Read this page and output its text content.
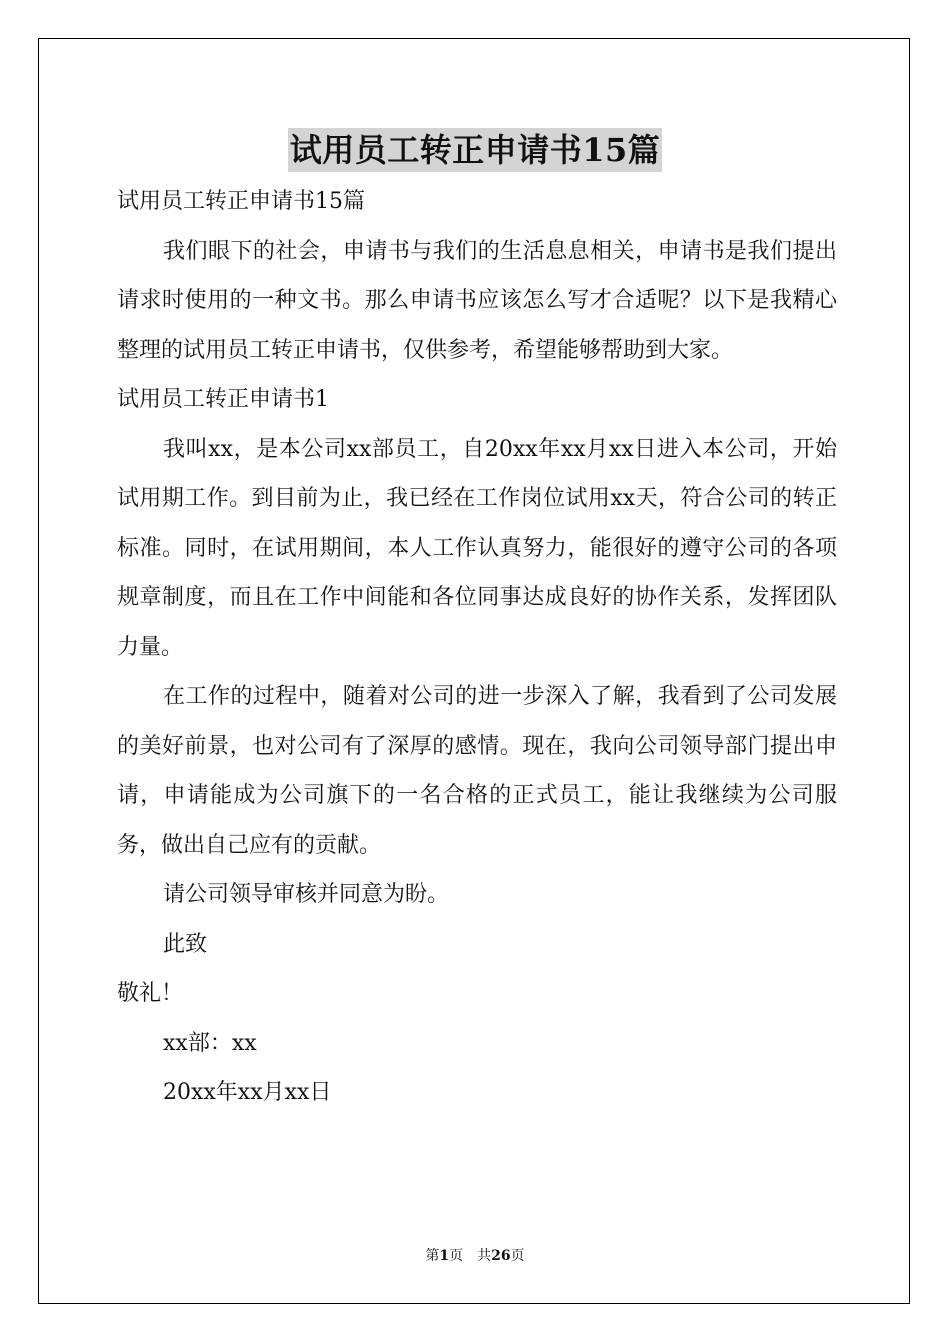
试用员工转正申请书15篇

试用员工转正申请书15篇

我们眼下的社会，申请书与我们的生活息息相关，申请书是我们提出请求时使用的一种文书。那么申请书应该怎么写才合适呢？以下是我精心整理的试用员工转正申请书，仅供参考，希望能够帮助到大家。

试用员工转正申请书1

我叫xx，是本公司xx部员工，自20xx年xx月xx日进入本公司，开始试用期工作。到目前为止，我已经在工作岗位试用xx天，符合公司的转正标准。同时，在试用期间，本人工作认真努力，能很好的遵守公司的各项规章制度，而且在工作中间能和各位同事达成良好的协作关系，发挥团队力量。

在工作的过程中，随着对公司的进一步深入了解，我看到了公司发展的美好前景，也对公司有了深厚的感情。现在，我向公司领导部门提出申请，申请能成为公司旗下的一名合格的正式员工，能让我继续为公司服务，做出自己应有的贡献。

请公司领导审核并同意为盼。

此致

敬礼！

xx部：xx

20xx年xx月xx日

第1页　共26页
